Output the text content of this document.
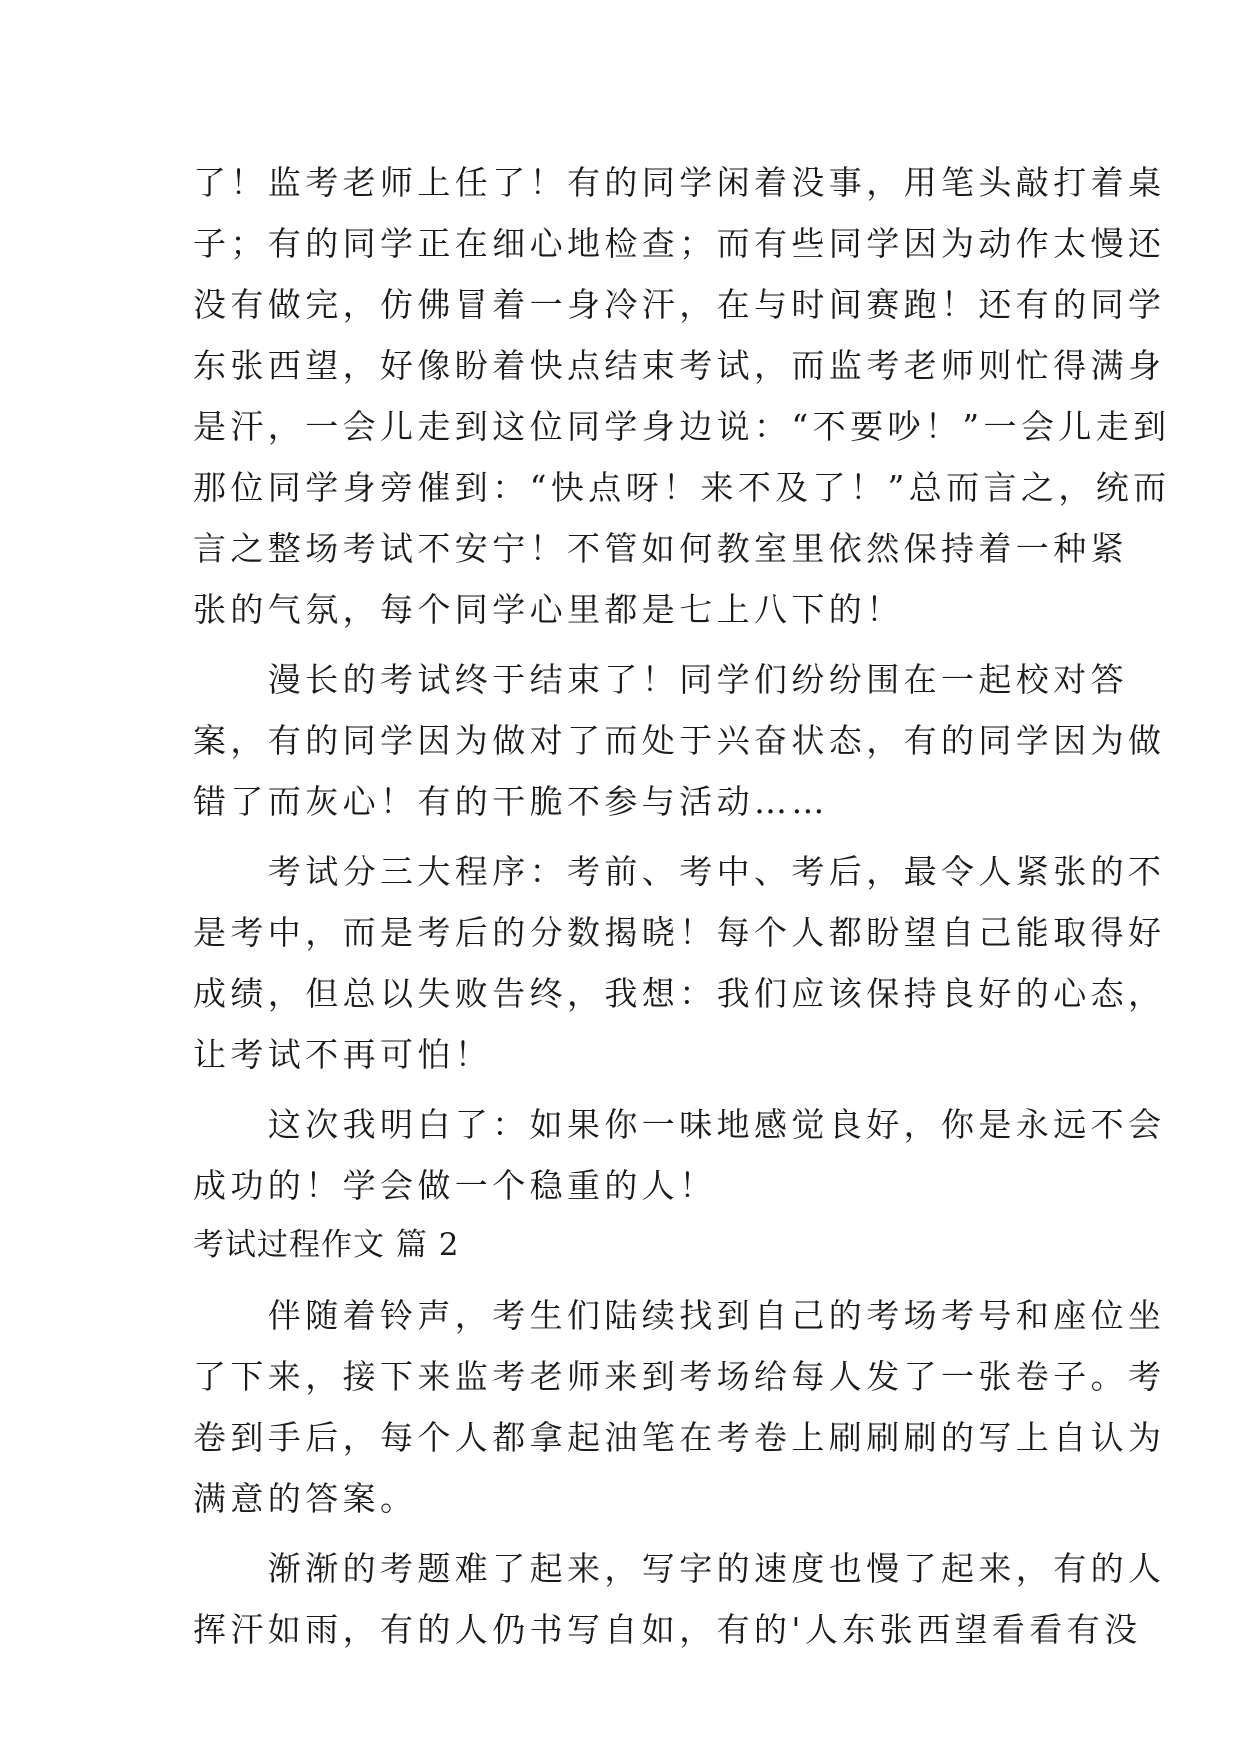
了！监考老师上任了！有的同学闲着没事，用笔头敲打着桌
子；有的同学正在细心地检查；而有些同学因为动作太慢还
没有做完，仿佛冒着一身冷汗，在与时间赛跑！还有的同学
东张西望，好像盼着快点结束考试，而监考老师则忙得满身
是汗，一会儿走到这位同学身边说：“不要吵！”一会儿走到
那位同学身旁催到：“快点呀！来不及了！”总而言之，统而
言之整场考试不安宁！不管如何教室里依然保持着一种紧
张的气氛，每个同学心里都是七上八下的！
　　漫长的考试终于结束了！同学们纷纷围在一起校对答
案，有的同学因为做对了而处于兴奋状态，有的同学因为做
错了而灰心！有的干脆不参与活动……
　　考试分三大程序：考前、考中、考后，最令人紧张的不
是考中，而是考后的分数揭晓！每个人都盼望自己能取得好
成绩，但总以失败告终，我想：我们应该保持良好的心态，
让考试不再可怕！
　　这次我明白了：如果你一味地感觉良好，你是永远不会
成功的！学会做一个稳重的人！
考试过程作文 篇 2
　　伴随着铃声，考生们陆续找到自己的考场考号和座位坐
了下来，接下来监考老师来到考场给每人发了一张卷子。考
卷到手后，每个人都拿起油笔在考卷上刷刷刷的写上自认为
满意的答案。
　　渐渐的考题难了起来，写字的速度也慢了起来，有的人
挥汗如雨，有的人仍书写自如，有的'人东张西望看看有没
